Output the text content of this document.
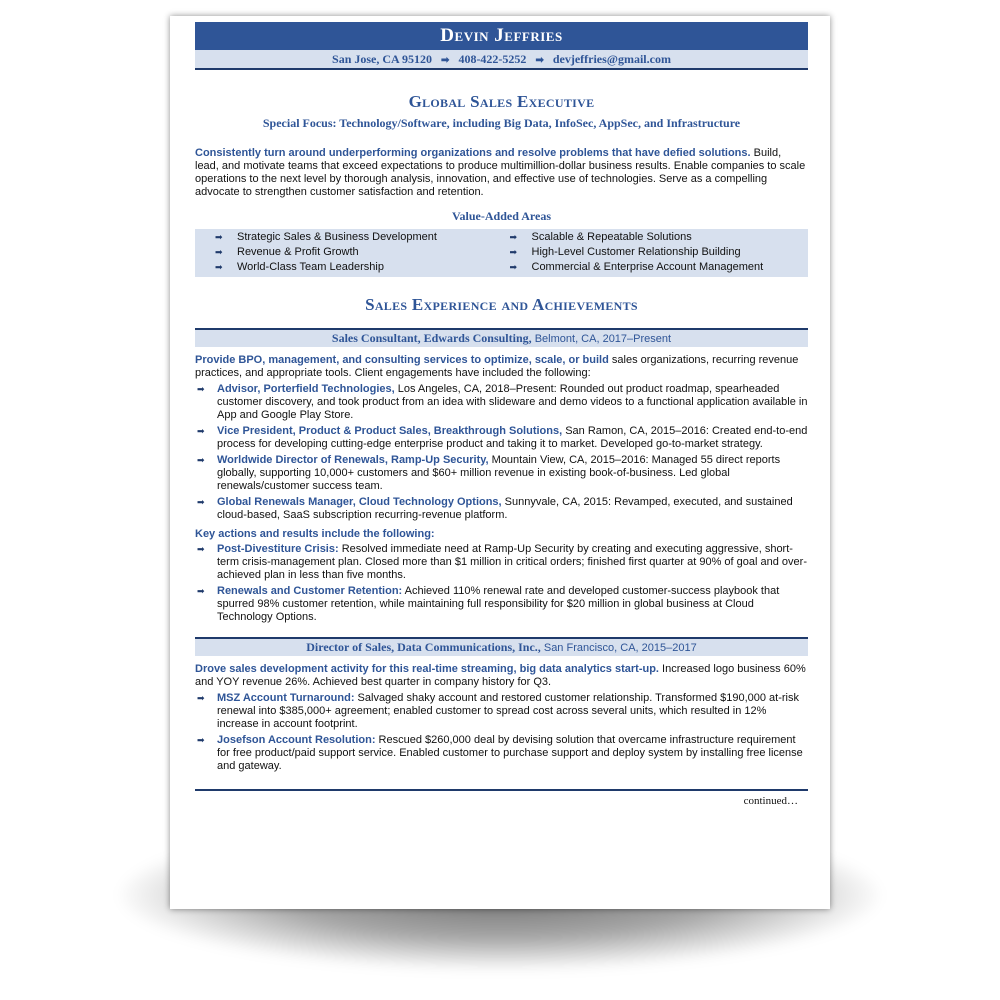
Devin Jeffries
San Jose, CA 95120 ➡ 408-422-5252 ➡ devjeffries@gmail.com
Global Sales Executive
Special Focus: Technology/Software, including Big Data, InfoSec, AppSec, and Infrastructure
Consistently turn around underperforming organizations and resolve problems that have defied solutions. Build, lead, and motivate teams that exceed expectations to produce multimillion-dollar business results. Enable companies to scale operations to the next level by thorough analysis, innovation, and effective use of technologies. Serve as a compelling advocate to strengthen customer satisfaction and retention.
Value-Added Areas
➡ Strategic Sales & Business Development
➡ Revenue & Profit Growth
➡ World-Class Team Leadership
➡ Scalable & Repeatable Solutions
➡ High-Level Customer Relationship Building
➡ Commercial & Enterprise Account Management
Sales Experience and Achievements
Sales Consultant, Edwards Consulting, Belmont, CA, 2017–Present
Provide BPO, management, and consulting services to optimize, scale, or build sales organizations, recurring revenue practices, and appropriate tools. Client engagements have included the following:
➡ Advisor, Porterfield Technologies, Los Angeles, CA, 2018–Present: Rounded out product roadmap, spearheaded customer discovery, and took product from an idea with slideware and demo videos to a functional application available in App and Google Play Store.
➡ Vice President, Product & Product Sales, Breakthrough Solutions, San Ramon, CA, 2015–2016: Created end-to-end process for developing cutting-edge enterprise product and taking it to market. Developed go-to-market strategy.
➡ Worldwide Director of Renewals, Ramp-Up Security, Mountain View, CA, 2015–2016: Managed 55 direct reports globally, supporting 10,000+ customers and $60+ million revenue in existing book-of-business. Led global renewals/customer success team.
➡ Global Renewals Manager, Cloud Technology Options, Sunnyvale, CA, 2015: Revamped, executed, and sustained cloud-based, SaaS subscription recurring-revenue platform.
Key actions and results include the following:
➡ Post-Divestiture Crisis: Resolved immediate need at Ramp-Up Security by creating and executing aggressive, short-term crisis-management plan. Closed more than $1 million in critical orders; finished first quarter at 90% of goal and over-achieved plan in less than five months.
➡ Renewals and Customer Retention: Achieved 110% renewal rate and developed customer-success playbook that spurred 98% customer retention, while maintaining full responsibility for $20 million in global business at Cloud Technology Options.
Director of Sales, Data Communications, Inc., San Francisco, CA, 2015–2017
Drove sales development activity for this real-time streaming, big data analytics start-up. Increased logo business 60% and YOY revenue 26%. Achieved best quarter in company history for Q3.
➡ MSZ Account Turnaround: Salvaged shaky account and restored customer relationship. Transformed $190,000 at-risk renewal into $385,000+ agreement; enabled customer to spread cost across several units, which resulted in 12% increase in account footprint.
➡ Josefson Account Resolution: Rescued $260,000 deal by devising solution that overcame infrastructure requirement for free product/paid support service. Enabled customer to purchase support and deploy system by installing free license and gateway.
continued…
